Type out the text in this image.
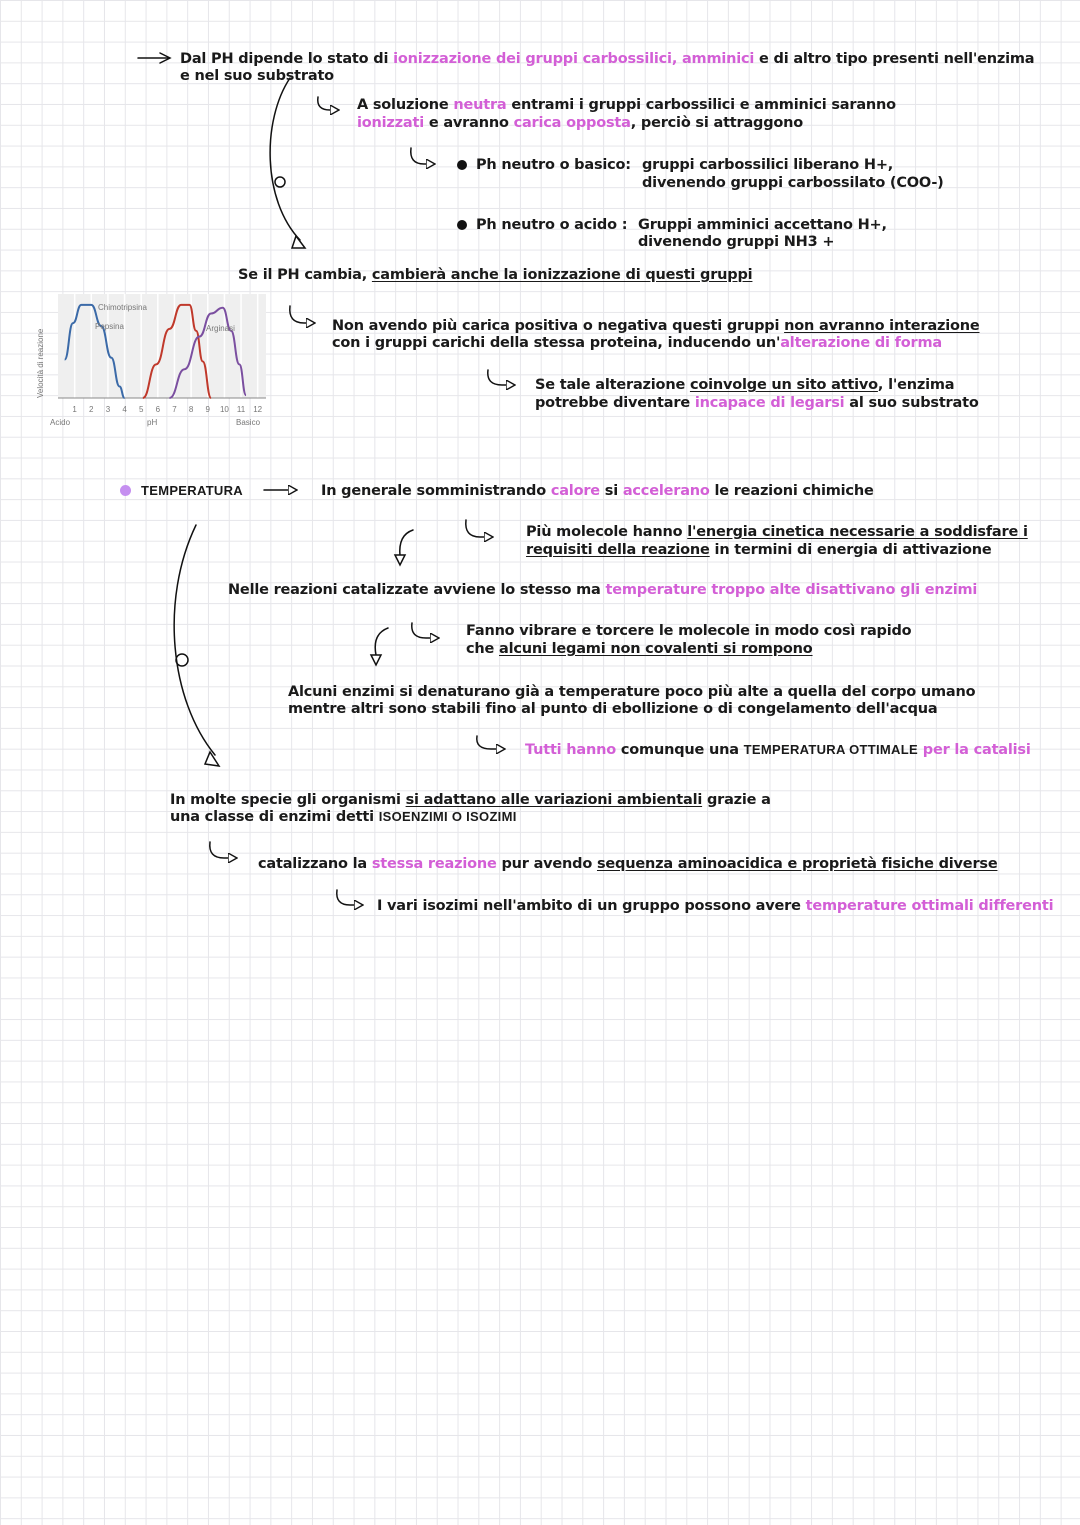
Dal PH dipende lo stato di ionizzazione dei gruppi carbossilici, amminici e di altro tipo presenti nell'enzima
e nel suo substrato
A soluzione neutra entrami i gruppi carbossilici e amminici saranno
ionizzati e avranno carica opposta, perciò si attraggono
Ph neutro o basico: gruppi carbossilici liberano H+,
divenendo gruppi carbossilato (COO-)
Ph neutro o acido : Gruppi amminici accettano H+,
divenendo gruppi NH3 +
Se il PH cambia, cambierà anche la ionizzazione di questi gruppi
Non avendo più carica positiva o negativa questi gruppi non avranno interazione
con i gruppi carichi della stessa proteina, inducendo un'alterazione di forma
Se tale alterazione coinvolge un sito attivo, l'enzima
potrebbe diventare incapace di legarsi al suo substrato
1 2 3 4 5 6 7 8 9 10 11 12
Velocità di reazione
Acido	pH	Basico
Chimotripsina
Pepsina	Arginasi
TEMPERATURA	In generale somministrando calore si accelerano le reazioni chimiche
Più molecole hanno l'energia cinetica necessarie a soddisfare i
requisiti della reazione in termini di energia di attivazione
Nelle reazioni catalizzate avviene lo stesso ma temperature troppo alte disattivano gli enzimi
Fanno vibrare e torcere le molecole in modo così rapido
che alcuni legami non covalenti si rompono
Alcuni enzimi si denaturano già a temperature poco più alte a quella del corpo umano
mentre altri sono stabili fino al punto di ebollizione o di congelamento dell'acqua
Tutti hanno comunque una TEMPERATURA OTTIMALE per la catalisi
In molte specie gli organismi si adattano alle variazioni ambientali grazie a
una classe di enzimi detti ISOENZIMI O ISOZIMI
catalizzano la stessa reazione pur avendo sequenza aminoacidica e proprietà fisiche diverse
I vari isozimi nell'ambito di un gruppo possono avere temperature ottimali differenti
